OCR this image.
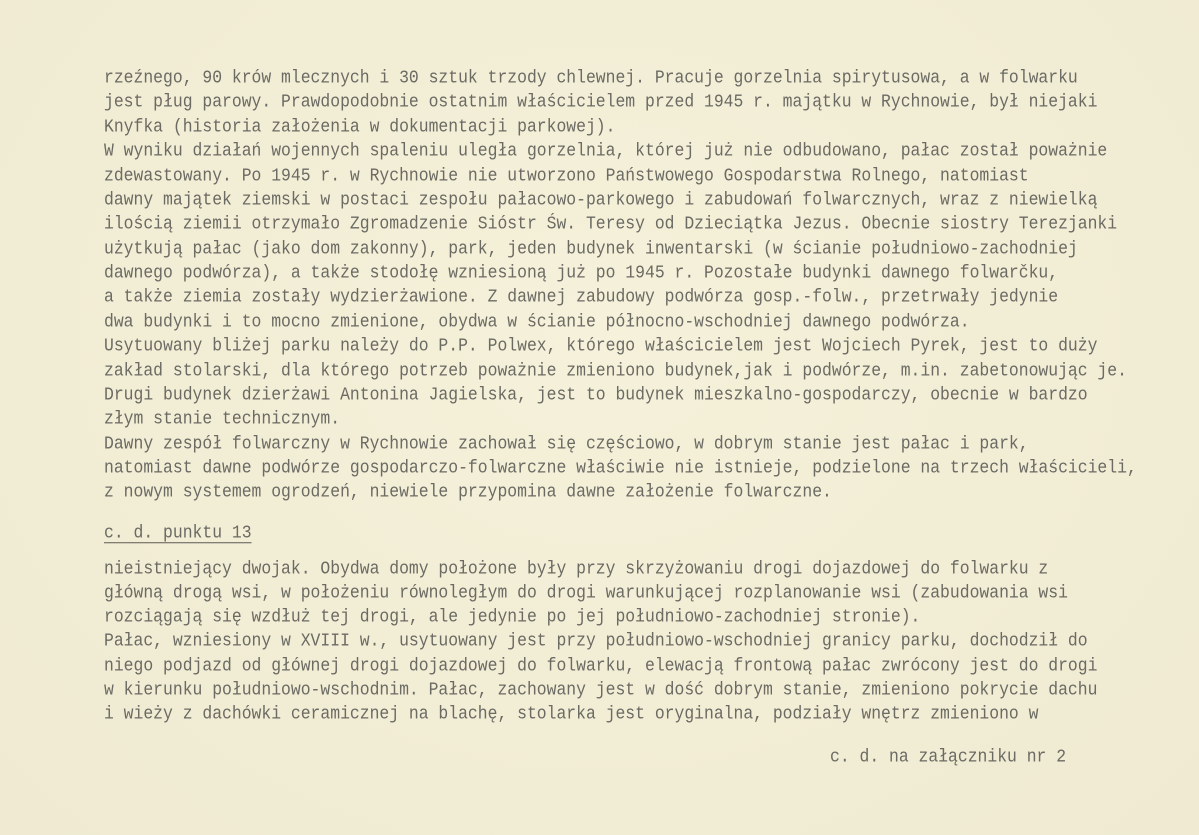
rzeźnego, 90 krów mlecznych i 30 sztuk trzody chlewnej. Pracuje gorzelnia spirytusowa, a w folwarku
jest pług parowy. Prawdopodobnie ostatnim właścicielem przed 1945 r. majątku w Rychnowie, był niejaki
Knyfka (historia założenia w dokumentacji parkowej).
W wyniku działań wojennych spaleniu uległa gorzelnia, której już nie odbudowano, pałac został poważnie
zdewastowany. Po 1945 r. w Rychnowie nie utworzono Państwowego Gospodarstwa Rolnego, natomiast
dawny majątek ziemski w postaci zespołu pałacowo-parkowego i zabudowań folwarcznych, wraz z niewielką
ilością ziemii otrzymało Zgromadzenie Sióstr Św. Teresy od Dzieciątka Jezus. Obecnie siostry Terezjanki
użytkują pałac (jako dom zakonny), park, jeden budynek inwentarski (w ścianie południowo-zachodniej
dawnego podwórza), a także stodołę wzniesioną już po 1945 r. Pozostałe budynki dawnego folwarčku,
a także ziemia zostały wydzierżawione. Z dawnej zabudowy podwórza gosp.-folw., przetrwały jedynie
dwa budynki i to mocno zmienione, obydwa w ścianie północno-wschodniej dawnego podwórza.
Usytuowany bliżej parku należy do P.P. Polwex, którego właścicielem jest Wojciech Pyrek, jest to duży
zakład stolarski, dla którego potrzeb poważnie zmieniono budynek,jak i podwórze, m.in. zabetonowując je.
Drugi budynek dzierżawi Antonina Jagielska, jest to budynek mieszkalno-gospodarczy, obecnie w bardzo
złym stanie technicznym.
Dawny zespół folwarczny w Rychnowie zachował się częściowo, w dobrym stanie jest pałac i park,
natomiast dawne podwórze gospodarczo-folwarczne właściwie nie istnieje, podzielone na trzech właścicieli,
z nowym systemem ogrodzeń, niewiele przypomina dawne założenie folwarczne.
c. d. punktu 13
nieistniejący dwojak. Obydwa domy położone były przy skrzyżowaniu drogi dojazdowej do folwarku z
główną drogą wsi, w położeniu równoległym do drogi warunkującej rozplanowanie wsi (zabudowania wsi
rozciągają się wzdłuż tej drogi, ale jedynie po jej południowo-zachodniej stronie).
Pałac, wzniesiony w XVIII w., usytuowany jest przy południowo-wschodniej granicy parku, dochodził do
niego podjazd od głównej drogi dojazdowej do folwarku, elewacją frontową pałac zwrócony jest do drogi
w kierunku południowo-wschodnim. Pałac, zachowany jest w dość dobrym stanie, zmieniono pokrycie dachu
i wieży z dachówki ceramicznej na blachę, stolarka jest oryginalna, podziały wnętrz zmieniono w
c. d. na załączniku nr 2
